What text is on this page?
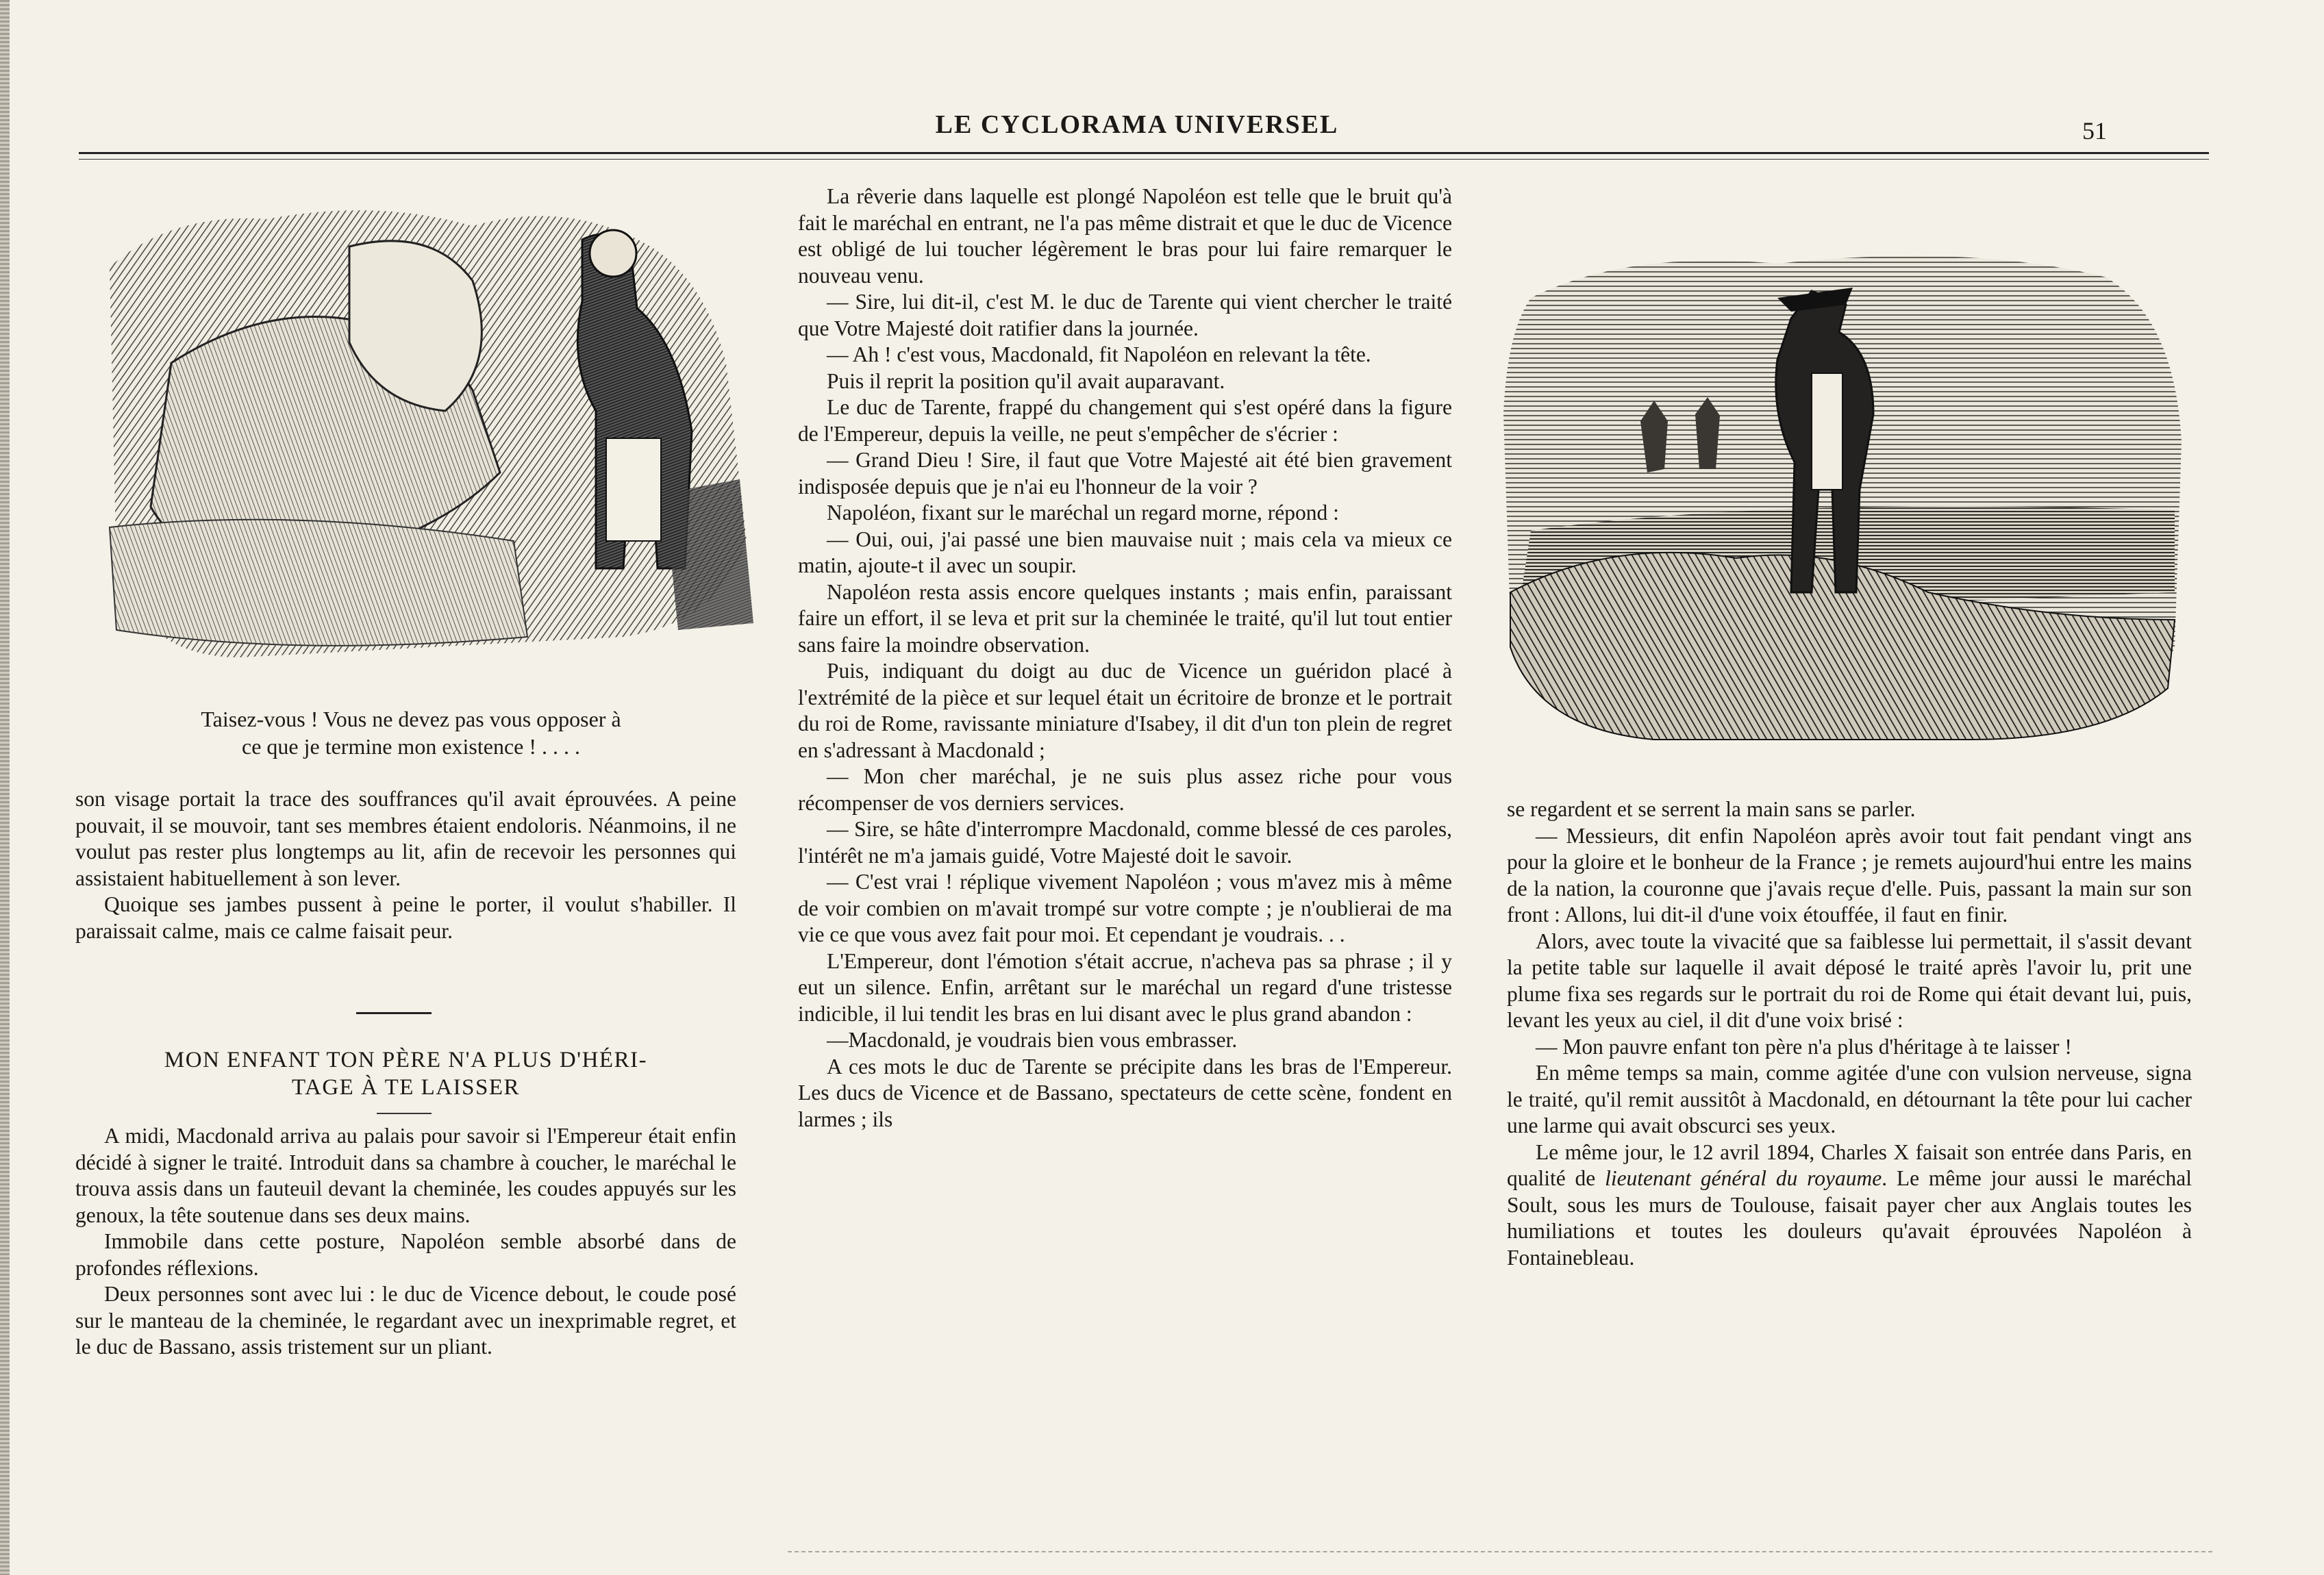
LE CYCLORAMA UNIVERSEL	51
Taisez-vous ! Vous ne devez pas vous opposer à
ce que je termine mon existence ! . . . .

son visage portait la trace des souffrances qu'il avait éprouvées. A peine pouvait, il se mouvoir, tant ses membres étaient endoloris. Néanmoins, il ne voulut pas rester plus longtemps au lit, afin de recevoir les personnes qui assistaient habituellement à son lever.

Quoique ses jambes pussent à peine le porter, il voulut s'habiller. Il paraissait calme, mais ce calme faisait peur.

MON ENFANT TON PÈRE N'A PLUS D'HÉRI-
TAGE À TE LAISSER

A midi, Macdonald arriva au palais pour savoir si l'Empereur était enfin décidé à signer le traité. Introduit dans sa chambre à coucher, le maréchal le trouva assis dans un fauteuil devant la cheminée, les coudes appuyés sur les genoux, la tête soutenue dans ses deux mains.

Immobile dans cette posture, Napoléon semble absorbé dans de profondes réflexions.

Deux personnes sont avec lui : le duc de Vicence debout, le coude posé sur le manteau de la cheminée, le regardant avec un inexprimable regret, et le duc de Bassano, assis tristement sur un pliant.

La rêverie dans laquelle est plongé Napoléon est telle que le bruit qu'à fait le maréchal en entrant, ne l'a pas même distrait et que le duc de Vicence est obligé de lui toucher légèrement le bras pour lui faire remarquer le nouveau venu.

— Sire, lui dit-il, c'est M. le duc de Tarente qui vient chercher le traité que Votre Majesté doit ratifier dans la journée.

— Ah ! c'est vous, Macdonald, fit Napoléon en relevant la tête.

Puis il reprit la position qu'il avait auparavant.

Le duc de Tarente, frappé du changement qui s'est opéré dans la figure de l'Empereur, depuis la veille, ne peut s'empêcher de s'écrier :

— Grand Dieu ! Sire, il faut que Votre Majesté ait été bien gravement indisposée depuis que je n'ai eu l'honneur de la voir ?

Napoléon, fixant sur le maréchal un regard morne, répond :

— Oui, oui, j'ai passé une bien mauvaise nuit ; mais cela va mieux ce matin, ajoute-t il avec un soupir.

Napoléon resta assis encore quelques instants ; mais enfin, paraissant faire un effort, il se leva et prit sur la cheminée le traité, qu'il lut tout entier sans faire la moindre observation.

Puis, indiquant du doigt au duc de Vicence un guéridon placé à l'extrémité de la pièce et sur lequel était un écritoire de bronze et le portrait du roi de Rome, ravissante miniature d'Isabey, il dit d'un ton plein de regret en s'adressant à Macdonald ;

— Mon cher maréchal, je ne suis plus assez riche pour vous récompenser de vos derniers services.

— Sire, se hâte d'interrompre Macdonald, comme blessé de ces paroles, l'intérêt ne m'a jamais guidé, Votre Majesté doit le savoir.

— C'est vrai ! réplique vivement Napoléon ; vous m'avez mis à même de voir combien on m'avait trompé sur votre compte ; je n'oublierai de ma vie ce que vous avez fait pour moi. Et cependant je voudrais. . .

L'Empereur, dont l'émotion s'était accrue, n'acheva pas sa phrase ; il y eut un silence. Enfin, arrêtant sur le maréchal un regard d'une tristesse indicible, il lui tendit les bras en lui disant avec le plus grand abandon :

—Macdonald, je voudrais bien vous embrasser.

A ces mots le duc de Tarente se précipite dans les bras de l'Empereur. Les ducs de Vicence et de Bassano, spectateurs de cette scène, fondent en larmes ; ils

se regardent et se serrent la main sans se parler.

— Messieurs, dit enfin Napoléon après avoir tout fait pendant vingt ans pour la gloire et le bonheur de la France ; je remets aujourd'hui entre les mains de la nation, la couronne que j'avais reçue d'elle. Puis, passant la main sur son front : Allons, lui dit-il d'une voix étouffée, il faut en finir.

Alors, avec toute la vivacité que sa faiblesse lui permettait, il s'assit devant la petite table sur laquelle il avait déposé le traité après l'avoir lu, prit une plume fixa ses regards sur le portrait du roi de Rome qui était devant lui, puis, levant les yeux au ciel, il dit d'une voix brisé :

— Mon pauvre enfant ton père n'a plus d'héritage à te laisser !

En même temps sa main, comme agitée d'une con vulsion nerveuse, signa le traité, qu'il remit aussitôt à Macdonald, en détournant la tête pour lui cacher une larme qui avait obscurci ses yeux.

Le même jour, le 12 avril 1894, Charles X faisait son entrée dans Paris, en qualité de lieutenant général du royaume. Le même jour aussi le maréchal Soult, sous les murs de Toulouse, faisait payer cher aux Anglais toutes les humiliations et toutes les douleurs qu'avait éprouvées Napoléon à Fontainebleau.
